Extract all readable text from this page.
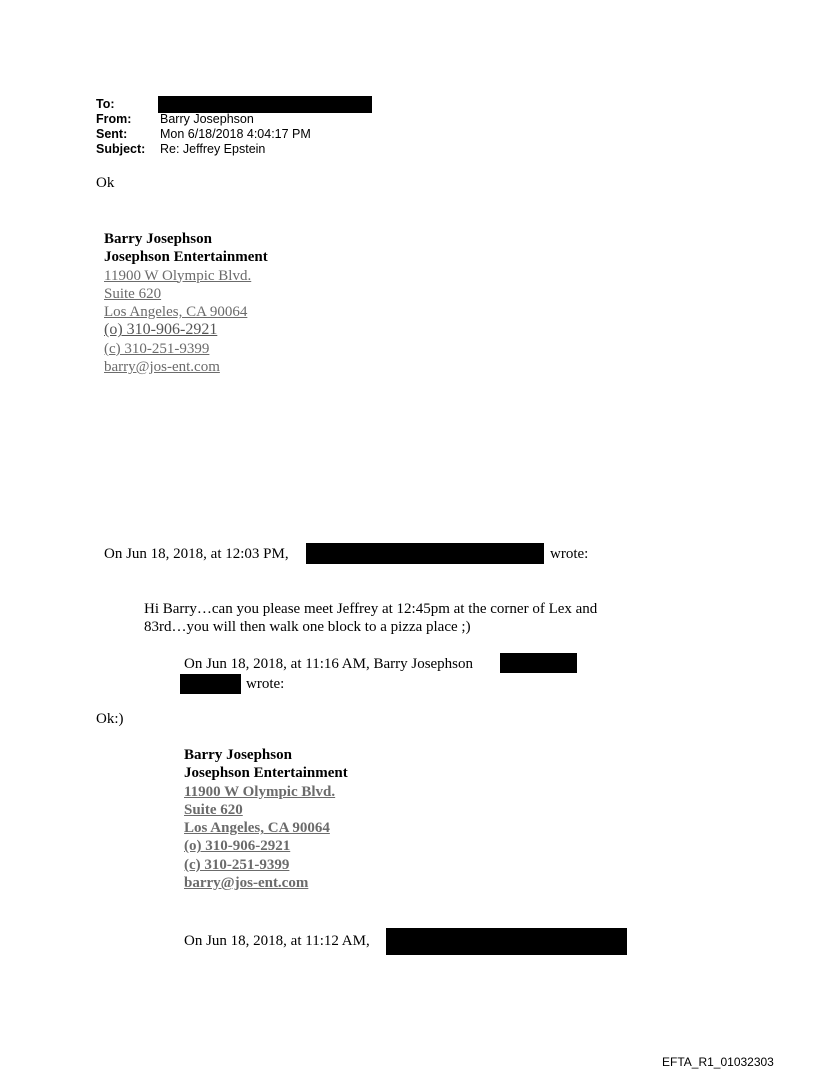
To:
From: Barry Josephson
Sent:	Mon 6/18/2018 4:04:17 PM
Subject: Re: Jeffrey Epstein
Ok
Barry Josephson
Josephson Entertainment
11900 W Olympic Blvd.
Suite 620
Los Angeles, CA 90064
(o) 310-906-2921
(c) 310-251-9399
barry@jos-ent.com
On Jun 18, 2018, at 12:03 PM,	wrote:
Hi Barry…can you please meet Jeffrey at 12:45pm at the corner of Lex and
83rd…you will then walk one block to a pizza place ;)
On Jun 18, 2018, at 11:16 AM, Barry Josephson
wrote:
Ok:)
Barry Josephson
Josephson Entertainment
11900 W Olympic Blvd.
Suite 620
Los Angeles, CA 90064
(o) 310-906-2921
(c) 310-251-9399
barry@jos-ent.com
On Jun 18, 2018, at 11:12 AM,
EFTA_R1_01032303
